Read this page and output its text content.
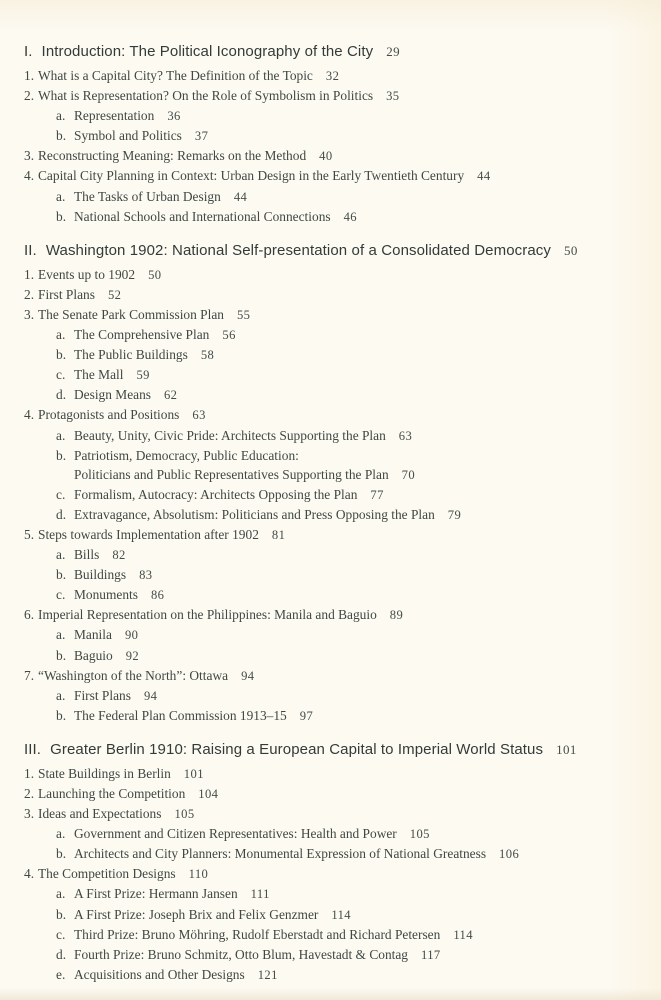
I. Introduction: The Political Iconography of the City 29
1. What is a Capital City? The Definition of the Topic 32
2. What is Representation? On the Role of Symbolism in Politics 35
a. Representation 36
b. Symbol and Politics 37
3. Reconstructing Meaning: Remarks on the Method 40
4. Capital City Planning in Context: Urban Design in the Early Twentieth Century 44
a. The Tasks of Urban Design 44
b. National Schools and International Connections 46
II. Washington 1902: National Self-presentation of a Consolidated Democracy 50
1. Events up to 1902 50
2. First Plans 52
3. The Senate Park Commission Plan 55
a. The Comprehensive Plan 56
b. The Public Buildings 58
c. The Mall 59
d. Design Means 62
4. Protagonists and Positions 63
a. Beauty, Unity, Civic Pride: Architects Supporting the Plan 63
b. Patriotism, Democracy, Public Education:
Politicians and Public Representatives Supporting the Plan 70
c. Formalism, Autocracy: Architects Opposing the Plan 77
d. Extravagance, Absolutism: Politicians and Press Opposing the Plan 79
5. Steps towards Implementation after 1902 81
a. Bills 82
b. Buildings 83
c. Monuments 86
6. Imperial Representation on the Philippines: Manila and Baguio 89
a. Manila 90
b. Baguio 92
7. “Washington of the North”: Ottawa 94
a. First Plans 94
b. The Federal Plan Commission 1913–15 97
III. Greater Berlin 1910: Raising a European Capital to Imperial World Status 101
1. State Buildings in Berlin 101
2. Launching the Competition 104
3. Ideas and Expectations 105
a. Government and Citizen Representatives: Health and Power 105
b. Architects and City Planners: Monumental Expression of National Greatness 106
4. The Competition Designs 110
a. A First Prize: Hermann Jansen 111
b. A First Prize: Joseph Brix and Felix Genzmer 114
c. Third Prize: Bruno Möhring, Rudolf Eberstadt and Richard Petersen 114
d. Fourth Prize: Bruno Schmitz, Otto Blum, Havestadt & Contag 117
e. Acquisitions and Other Designs 121
